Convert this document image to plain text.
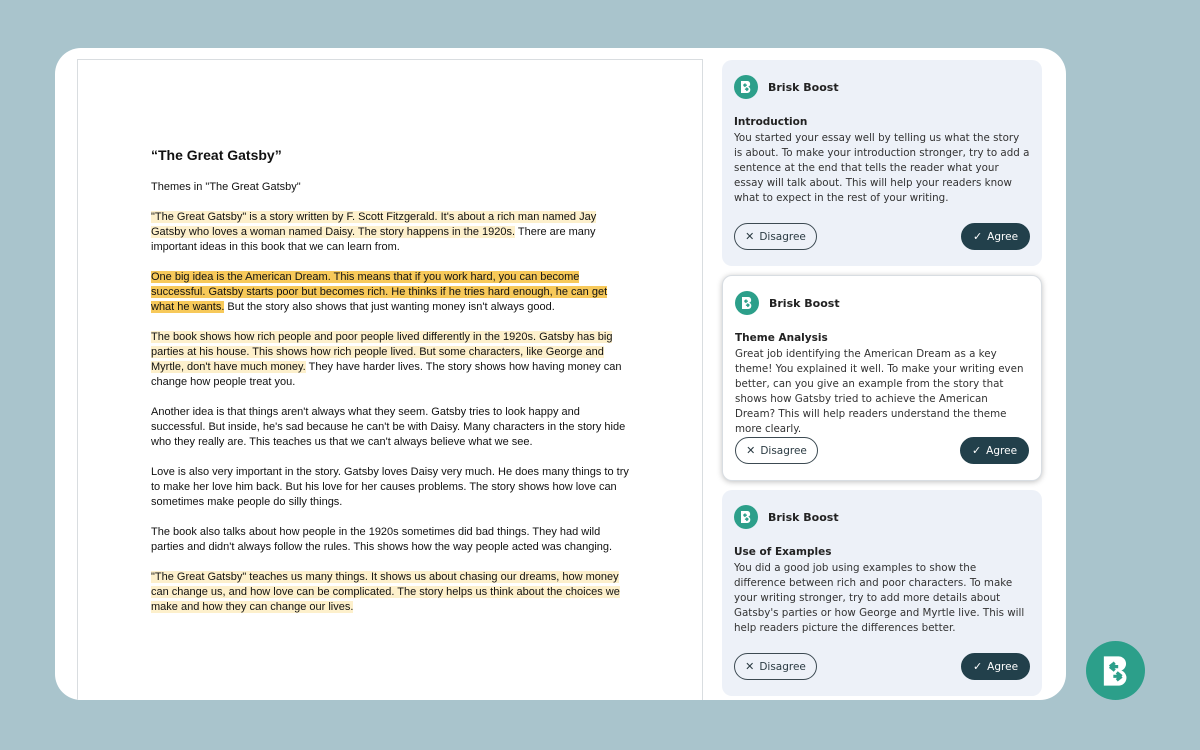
“The Great Gatsby”

Themes in "The Great Gatsby"

"The Great Gatsby" is a story written by F. Scott Fitzgerald. It's about a rich man named Jay Gatsby who loves a woman named Daisy. The story happens in the 1920s. There are many important ideas in this book that we can learn from.

One big idea is the American Dream. This means that if you work hard, you can become successful. Gatsby starts poor but becomes rich. He thinks if he tries hard enough, he can get what he wants. But the story also shows that just wanting money isn't always good.

The book shows how rich people and poor people lived differently in the 1920s. Gatsby has big parties at his house. This shows how rich people lived. But some characters, like George and Myrtle, don't have much money. They have harder lives. The story shows how having money can change how people treat you.

Another idea is that things aren't always what they seem. Gatsby tries to look happy and successful. But inside, he's sad because he can't be with Daisy. Many characters in the story hide who they really are. This teaches us that we can't always believe what we see.

Love is also very important in the story. Gatsby loves Daisy very much. He does many things to try to make her love him back. But his love for her causes problems. The story shows how love can sometimes make people do silly things.

The book also talks about how people in the 1920s sometimes did bad things. They had wild parties and didn't always follow the rules. This shows how the way people acted was changing.

"The Great Gatsby" teaches us many things. It shows us about chasing our dreams, how money can change us, and how love can be complicated. The story helps us think about the choices we make and how they can change our lives.

Brisk Boost
Introduction
You started your essay well by telling us what the story is about. To make your introduction stronger, try to add a sentence at the end that tells the reader what your essay will talk about. This will help your readers know what to expect in the rest of your writing.
✕ Disagree	✓ Agree
Brisk Boost
Theme Analysis
Great job identifying the American Dream as a key theme! You explained it well. To make your writing even better, can you give an example from the story that shows how Gatsby tried to achieve the American Dream? This will help readers understand the theme more clearly.
✕ Disagree	✓ Agree
Brisk Boost
Use of Examples
You did a good job using examples to show the difference between rich and poor characters. To make your writing stronger, try to add more details about Gatsby's parties or how George and Myrtle live. This will help readers picture the differences better.
✕ Disagree	✓ Agree
